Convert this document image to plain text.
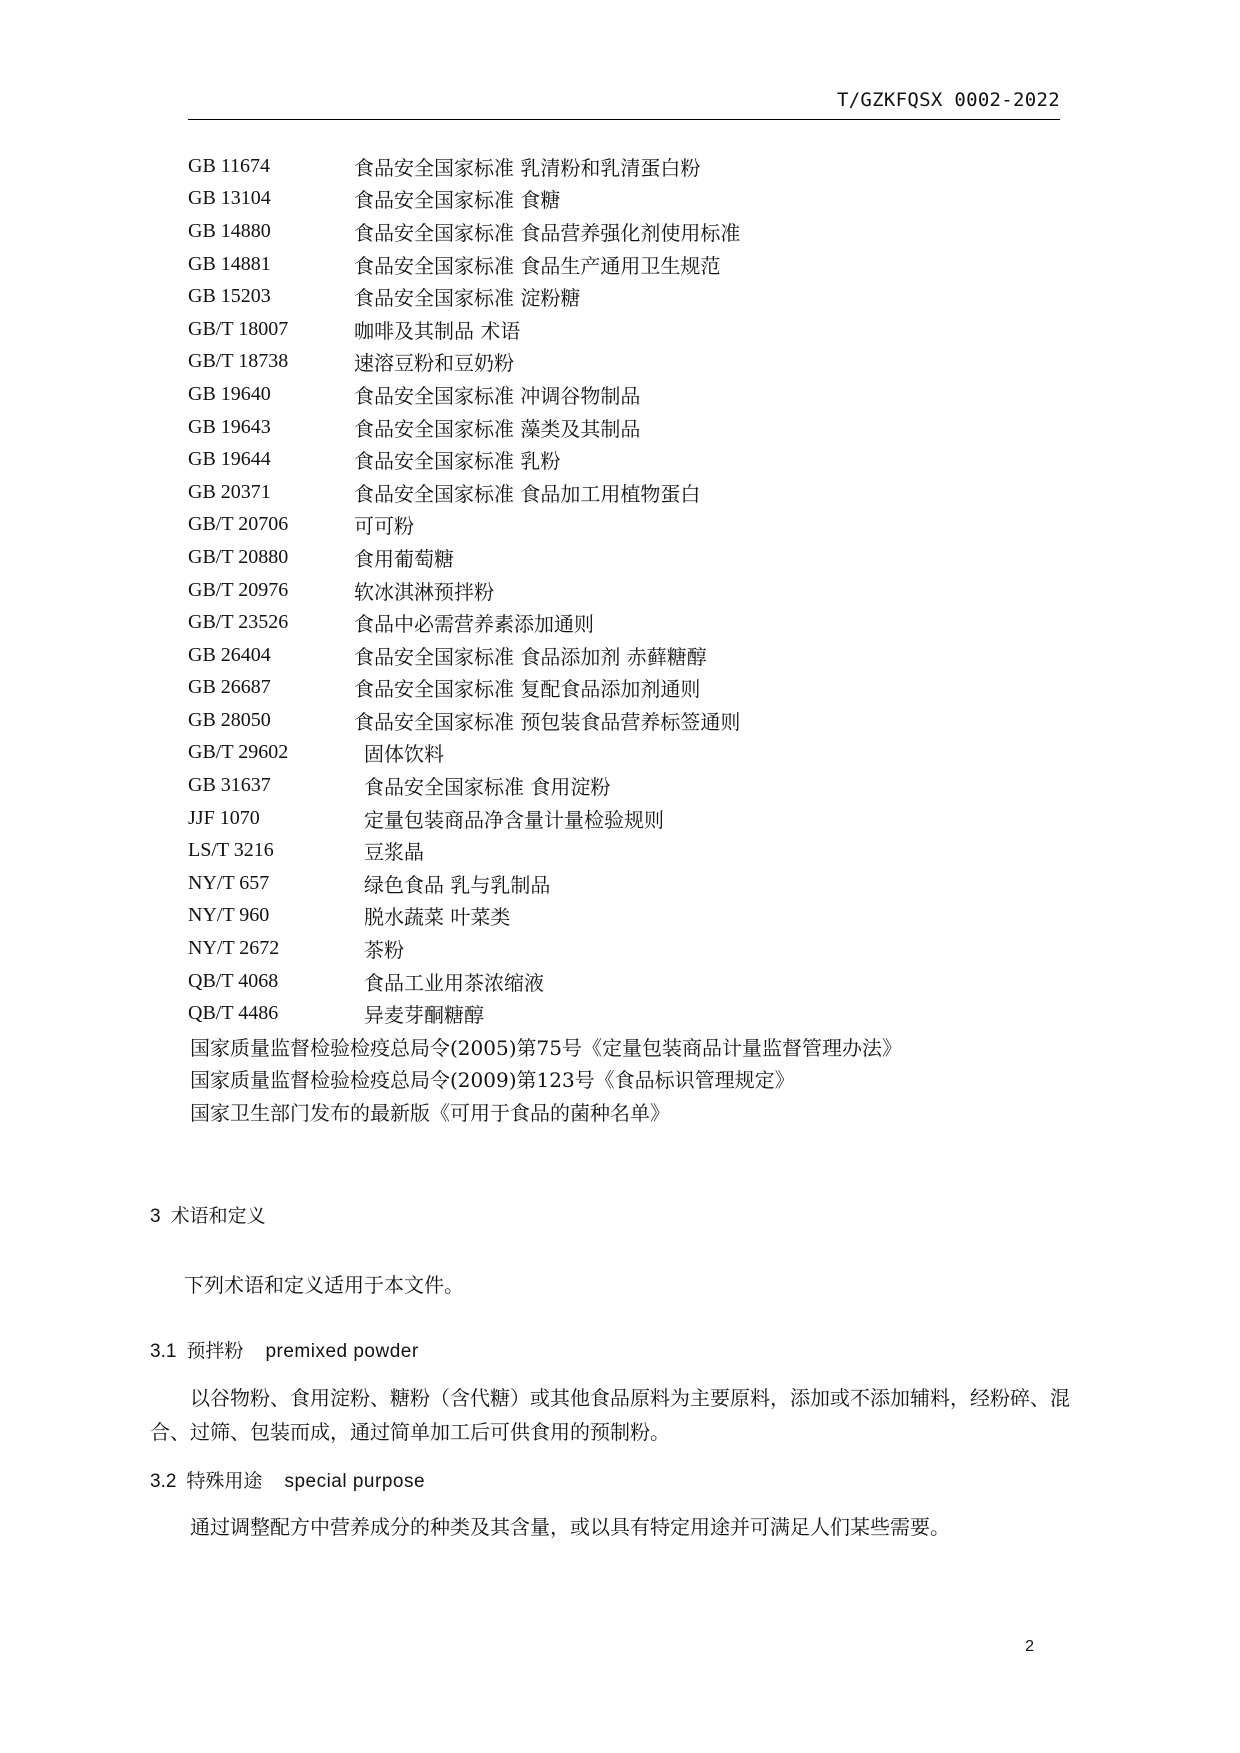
T/GZKFQSX 0002-2022
GB 11674	食品安全国家标准 乳清粉和乳清蛋白粉
GB 13104	食品安全国家标准 食糖
GB 14880	食品安全国家标准 食品营养强化剂使用标准
GB 14881	食品安全国家标准 食品生产通用卫生规范
GB 15203	食品安全国家标准 淀粉糖
GB/T 18007	咖啡及其制品 术语
GB/T 18738	速溶豆粉和豆奶粉
GB 19640	食品安全国家标准 冲调谷物制品
GB 19643	食品安全国家标准 藻类及其制品
GB 19644	食品安全国家标准 乳粉
GB 20371	食品安全国家标准 食品加工用植物蛋白
GB/T 20706	可可粉
GB/T 20880	食用葡萄糖
GB/T 20976	软冰淇淋预拌粉
GB/T 23526	食品中必需营养素添加通则
GB 26404	食品安全国家标准 食品添加剂 赤藓糖醇
GB 26687	食品安全国家标准 复配食品添加剂通则
GB 28050	食品安全国家标准 预包装食品营养标签通则
GB/T 29602	固体饮料
GB 31637	食品安全国家标准 食用淀粉
JJF 1070	定量包装商品净含量计量检验规则
LS/T 3216	豆浆晶
NY/T 657	绿色食品 乳与乳制品
NY/T 960	脱水蔬菜 叶菜类
NY/T 2672	茶粉
QB/T 4068	食品工业用茶浓缩液
QB/T 4486	异麦芽酮糖醇
国家质量监督检验检疫总局令(2005)第75号《定量包装商品计量监督管理办法》
国家质量监督检验检疫总局令(2009)第123号《食品标识管理规定》
国家卫生部门发布的最新版《可用于食品的菌种名单》
3 术语和定义
下列术语和定义适用于本文件。
3.1 预拌粉 premixed powder
以谷物粉、食用淀粉、糖粉（含代糖）或其他食品原料为主要原料，添加或不添加辅料，经粉碎、混合、过筛、包装而成，通过简单加工后可供食用的预制粉。
3.2 特殊用途 special purpose
通过调整配方中营养成分的种类及其含量，或以具有特定用途并可满足人们某些需要。
2
